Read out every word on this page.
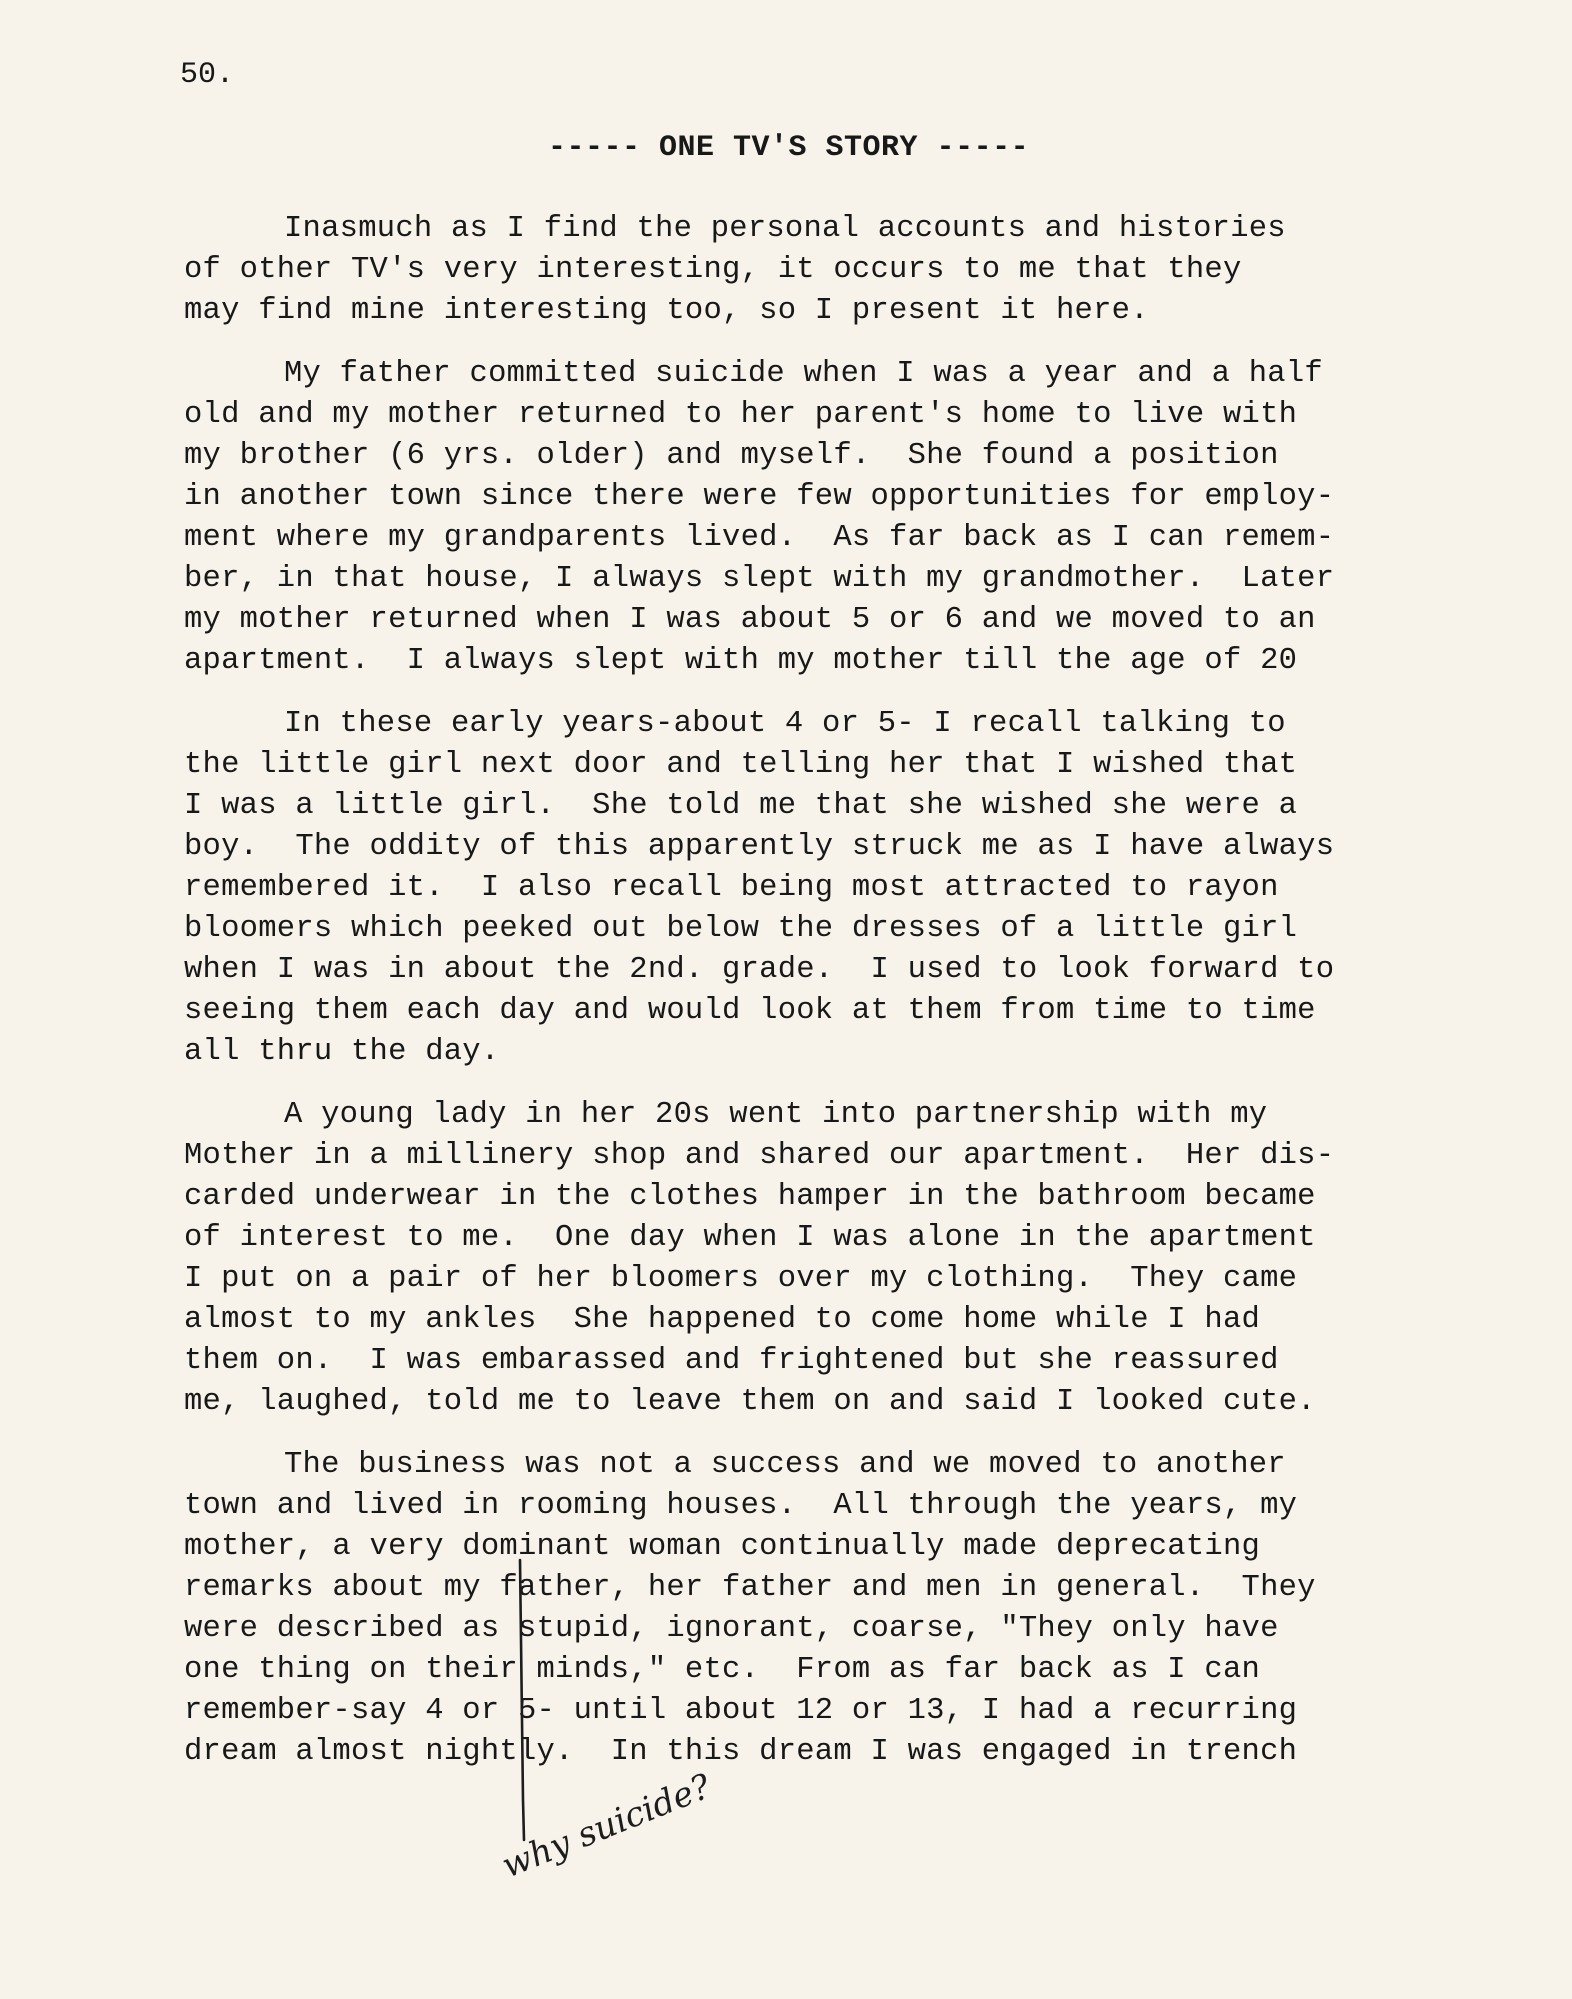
50.
----- ONE TV'S STORY -----
Inasmuch as I find the personal accounts and histories
of other TV's very interesting, it occurs to me that they
may find mine interesting too, so I present it here.
My father committed suicide when I was a year and a half
old and my mother returned to her parent's home to live with
my brother (6 yrs. older) and myself.  She found a position
in another town since there were few opportunities for employ-
ment where my grandparents lived.  As far back as I can remem-
ber, in that house, I always slept with my grandmother.  Later
my mother returned when I was about 5 or 6 and we moved to an
apartment.  I always slept with my mother till the age of 20
In these early years-about 4 or 5- I recall talking to
the little girl next door and telling her that I wished that
I was a little girl.  She told me that she wished she were a
boy.  The oddity of this apparently struck me as I have always
remembered it.  I also recall being most attracted to rayon
bloomers which peeked out below the dresses of a little girl
when I was in about the 2nd. grade.  I used to look forward to
seeing them each day and would look at them from time to time
all thru the day.
A young lady in her 20s went into partnership with my
Mother in a millinery shop and shared our apartment.  Her dis-
carded underwear in the clothes hamper in the bathroom became
of interest to me.  One day when I was alone in the apartment
I put on a pair of her bloomers over my clothing.  They came
almost to my ankles  She happened to come home while I had
them on.  I was embarassed and frightened but she reassured
me, laughed, told me to leave them on and said I looked cute.
The business was not a success and we moved to another
town and lived in rooming houses.  All through the years, my
mother, a very dominant woman continually made deprecating
remarks about my father, her father and men in general.  They
were described as stupid, ignorant, coarse, "They only have
one thing on their minds," etc.  From as far back as I can
remember-say 4 or 5- until about 12 or 13, I had a recurring
dream almost nightly.  In this dream I was engaged in trench
why suicide?
